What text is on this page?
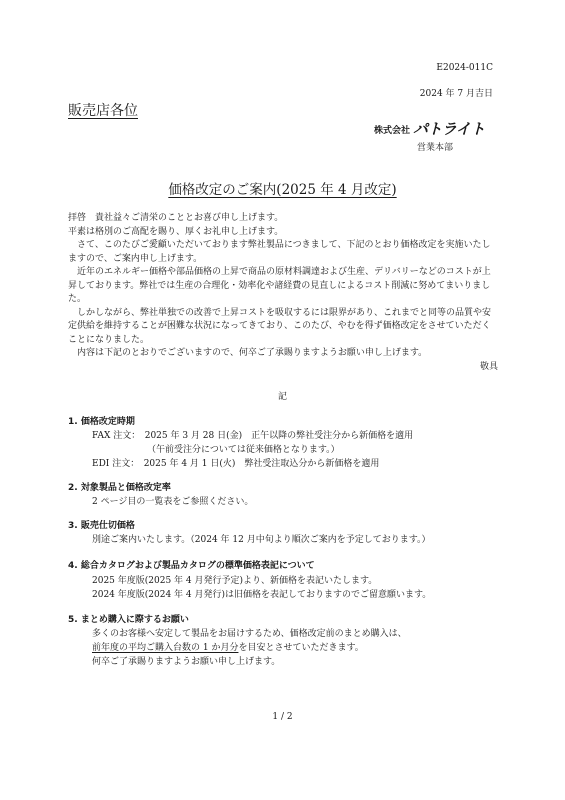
E2024-011C
2024 年 7 月吉日
販売店各位
株式会社 パトライト
営業本部
価格改定のご案内(2025 年 4 月改定)

拝啓　貴社益々ご清栄のこととお喜び申し上げます。

平素は格別のご高配を賜り、厚くお礼申し上げます。

さて、このたびご愛顧いただいております弊社製品につきまして、下記のとおり価格改定を実施いたしますので、ご案内申し上げます。

近年のエネルギー価格や部品価格の上昇で商品の原材料調達および生産、デリバリーなどのコストが上昇しております。弊社では生産の合理化・効率化や諸経費の見直しによるコスト削減に努めてまいりました。

しかしながら、弊社単独での改善で上昇コストを吸収するには限界があり、これまでと同等の品質や安定供給を維持することが困難な状況になってきており、このたび、やむを得ず価格改定をさせていただくことになりました。

内容は下記のとおりでございますので、何卒ご了承賜りますようお願い申し上げます。

敬具

記
1. 価格改定時期
FAX 注文：　2025 年 3 月 28 日(金)　正午以降の弊社受注分から新価格を適用
（午前受注分については従来価格となります。）
EDI 注文：　2025 年 4 月 1 日(火)　弊社受注取込分から新価格を適用
2. 対象製品と価格改定率
2 ページ目の一覧表をご参照ください。
3. 販売仕切価格
別途ご案内いたします。（2024 年 12 月中旬より順次ご案内を予定しております。）
4. 総合カタログおよび製品カタログの標準価格表記について
2025 年度版(2025 年 4 月発行予定)より、新価格を表記いたします。
2024 年度版(2024 年 4 月発行)は旧価格を表記しておりますのでご留意願います。
5. まとめ購入に際するお願い
多くのお客様へ安定して製品をお届けするため、価格改定前のまとめ購入は、
前年度の平均ご購入台数の 1 か月分を目安とさせていただきます。
何卒ご了承賜りますようお願い申し上げます。
1 / 2
